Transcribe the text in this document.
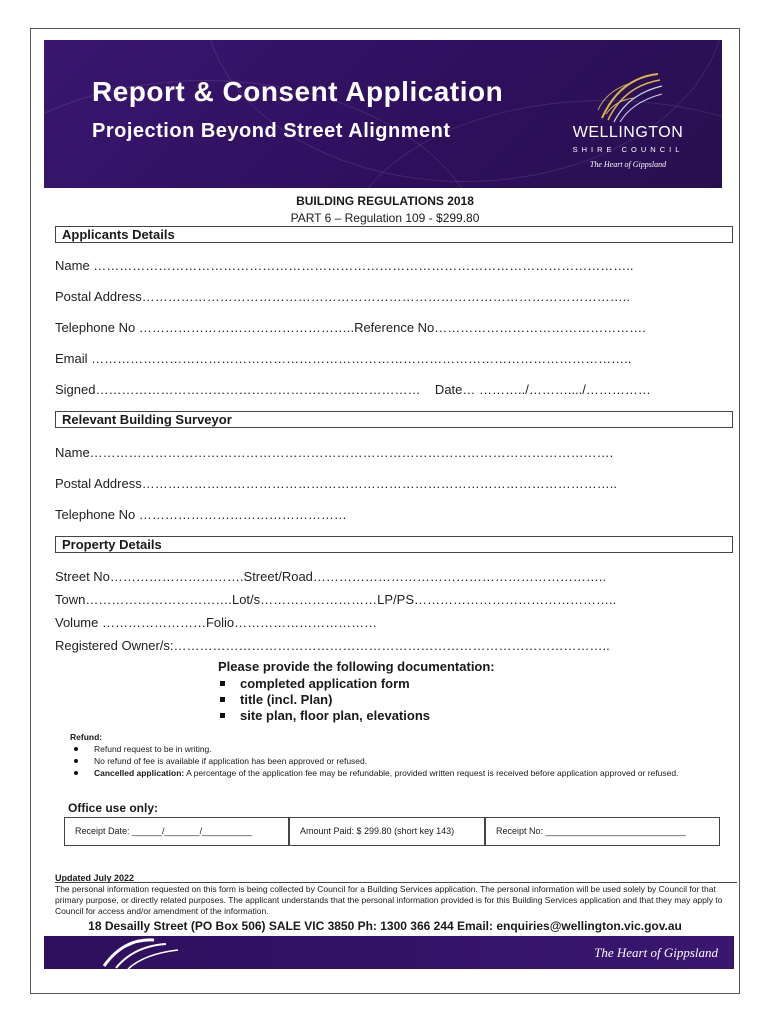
Report & Consent Application
Projection Beyond Street Alignment	WELLINGTON
SHIRE COUNCIL
The Heart of Gippsland
BUILDING REGULATIONS 2018
PART 6 – Regulation 109 - $299.80
Applicants Details
Name ……………………………………………………………………………………………………………..
Postal Address…………………………………………………………………………………………………..
Telephone No …………………………………………..Reference No………………………………………….
Email ……………………………………………………………………………………………………………..
Signed…………………………………………………………………    Date… ………../………..../……………
Relevant Building Surveyor
Name………………………………………………………………………………………………………….
Postal Address………………………………………………………………………………………………..
Telephone No …………………………………………
Property Details
Street No………………………….Street/Road…………………………………………………………..
Town…………………………….Lot/s………………………LP/PS………………………………………..
Volume ……………………Folio……………………………
Registered Owner/s:………………………………………………………………………………………..
Please provide the following documentation:
completed application form
title (incl. Plan)
site plan, floor plan, elevations
Refund:
Refund request to be in writing.
No refund of fee is available if application has been approved or refused.
Cancelled application: A percentage of the application fee may be refundable, provided written request is received before application approved or refused.
Office use only:
Receipt Date: ______/_______/__________	Amount Paid: $ 299.80 (short key 143)	Receipt No: ____________________________
Updated July 2022
The personal information requested on this form is being collected by Council for a Building Services application. The personal information will be used solely by Council for that primary purpose, or directly related purposes. The applicant understands that the personal information provided is for this Building Services application and that they may apply to Council for access and/or amendment of the information.
18 Desailly Street (PO Box 506) SALE VIC 3850 Ph: 1300 366 244 Email: enquiries@wellington.vic.gov.au
The Heart of Gippsland
